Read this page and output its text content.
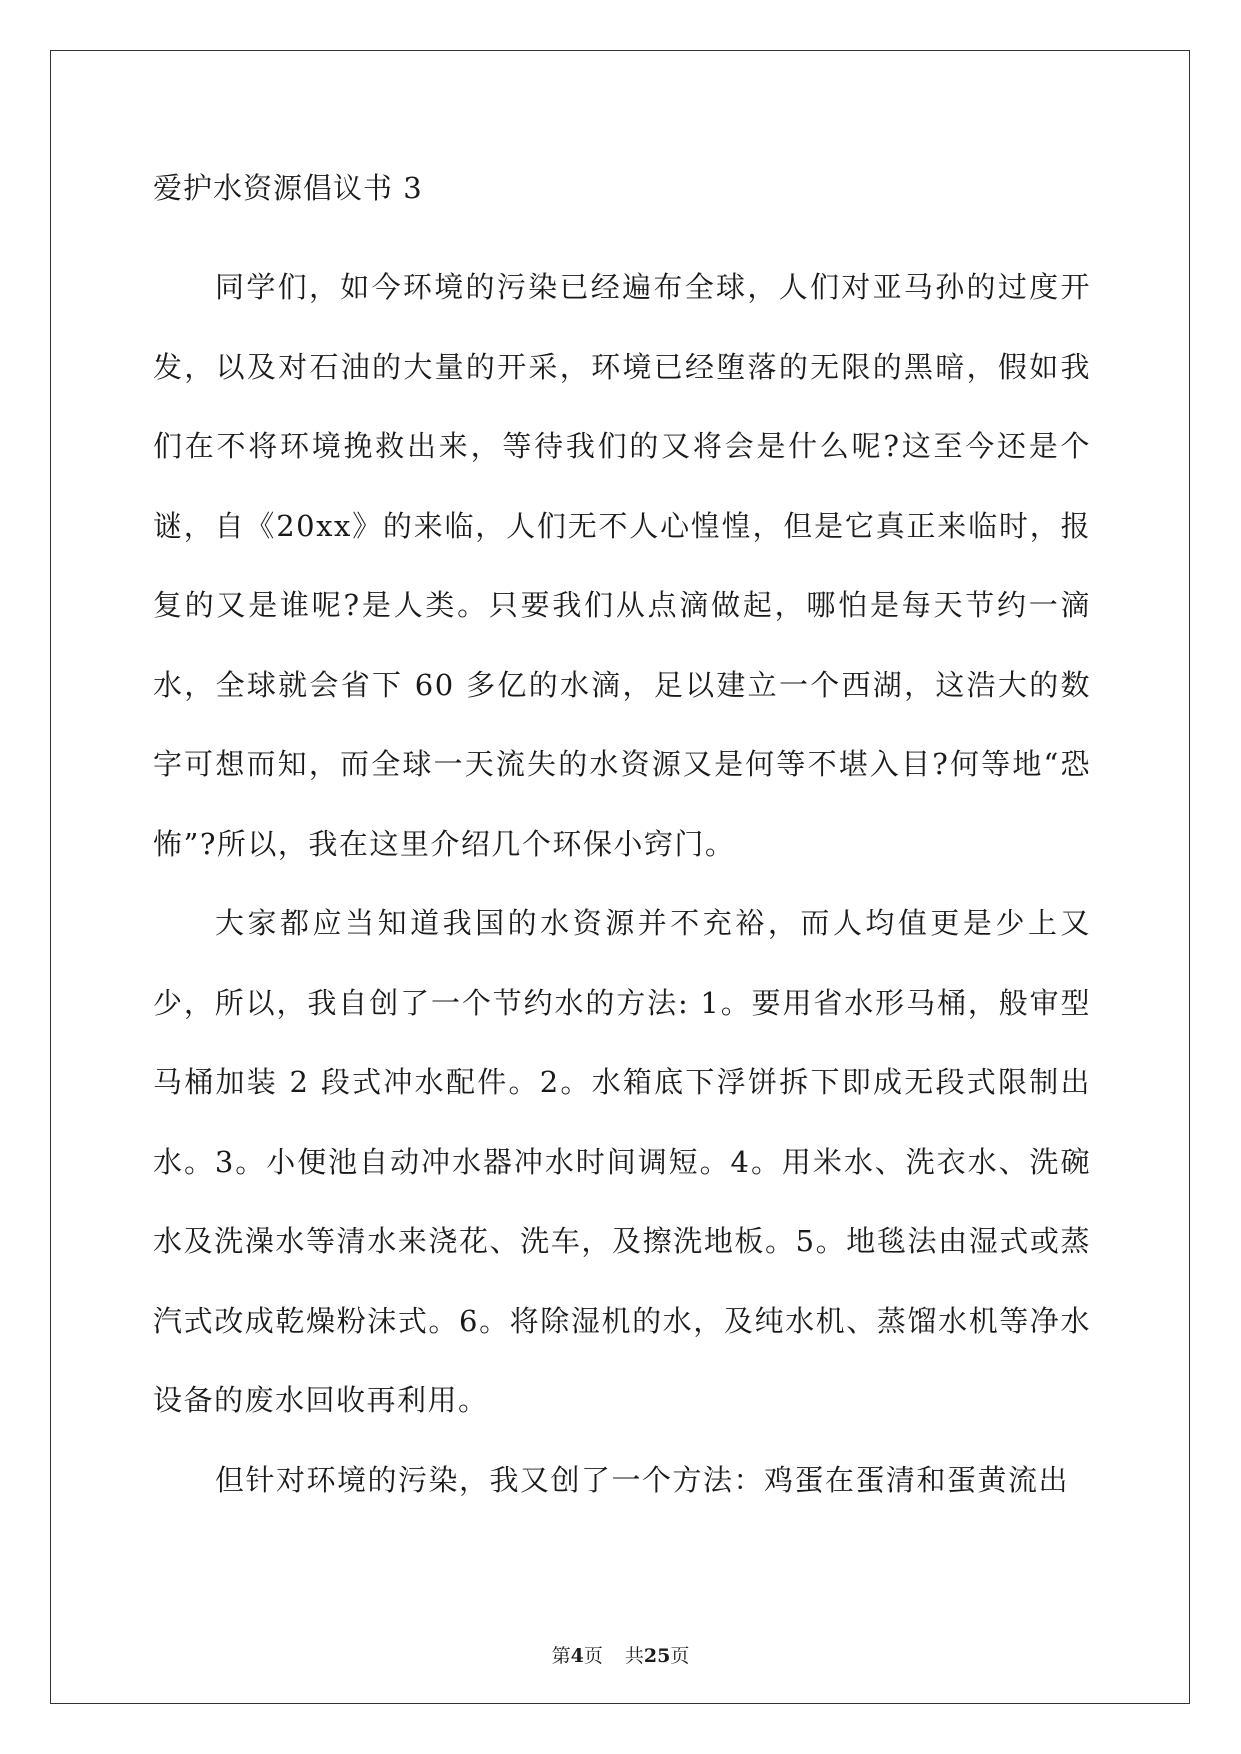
爱护水资源倡议书 3

同学们，如今环境的污染已经遍布全球，人们对亚马孙的过度开发，以及对石油的大量的开采，环境已经堕落的无限的黑暗，假如我们在不将环境挽救出来，等待我们的又将会是什么呢?这至今还是个谜，自《20xx》的来临，人们无不人心惶惶，但是它真正来临时，报复的又是谁呢?是人类。只要我们从点滴做起，哪怕是每天节约一滴水，全球就会省下 60 多亿的水滴，足以建立一个西湖，这浩大的数字可想而知，而全球一天流失的水资源又是何等不堪入目?何等地“恐怖”?所以，我在这里介绍几个环保小窍门。

大家都应当知道我国的水资源并不充裕，而人均值更是少上又少，所以，我自创了一个节约水的方法: 1。要用省水形马桶，般审型马桶加装 2 段式冲水配件。2。水箱底下浮饼拆下即成无段式限制出水。3。小便池自动冲水器冲水时间调短。4。用米水、洗衣水、洗碗水及洗澡水等清水来浇花、洗车，及擦洗地板。5。地毯法由湿式或蒸汽式改成乾燥粉沫式。6。将除湿机的水，及纯水机、蒸馏水机等净水设备的废水回收再利用。

但针对环境的污染，我又创了一个方法：鸡蛋在蛋清和蛋黄流出

第4页 共25页
